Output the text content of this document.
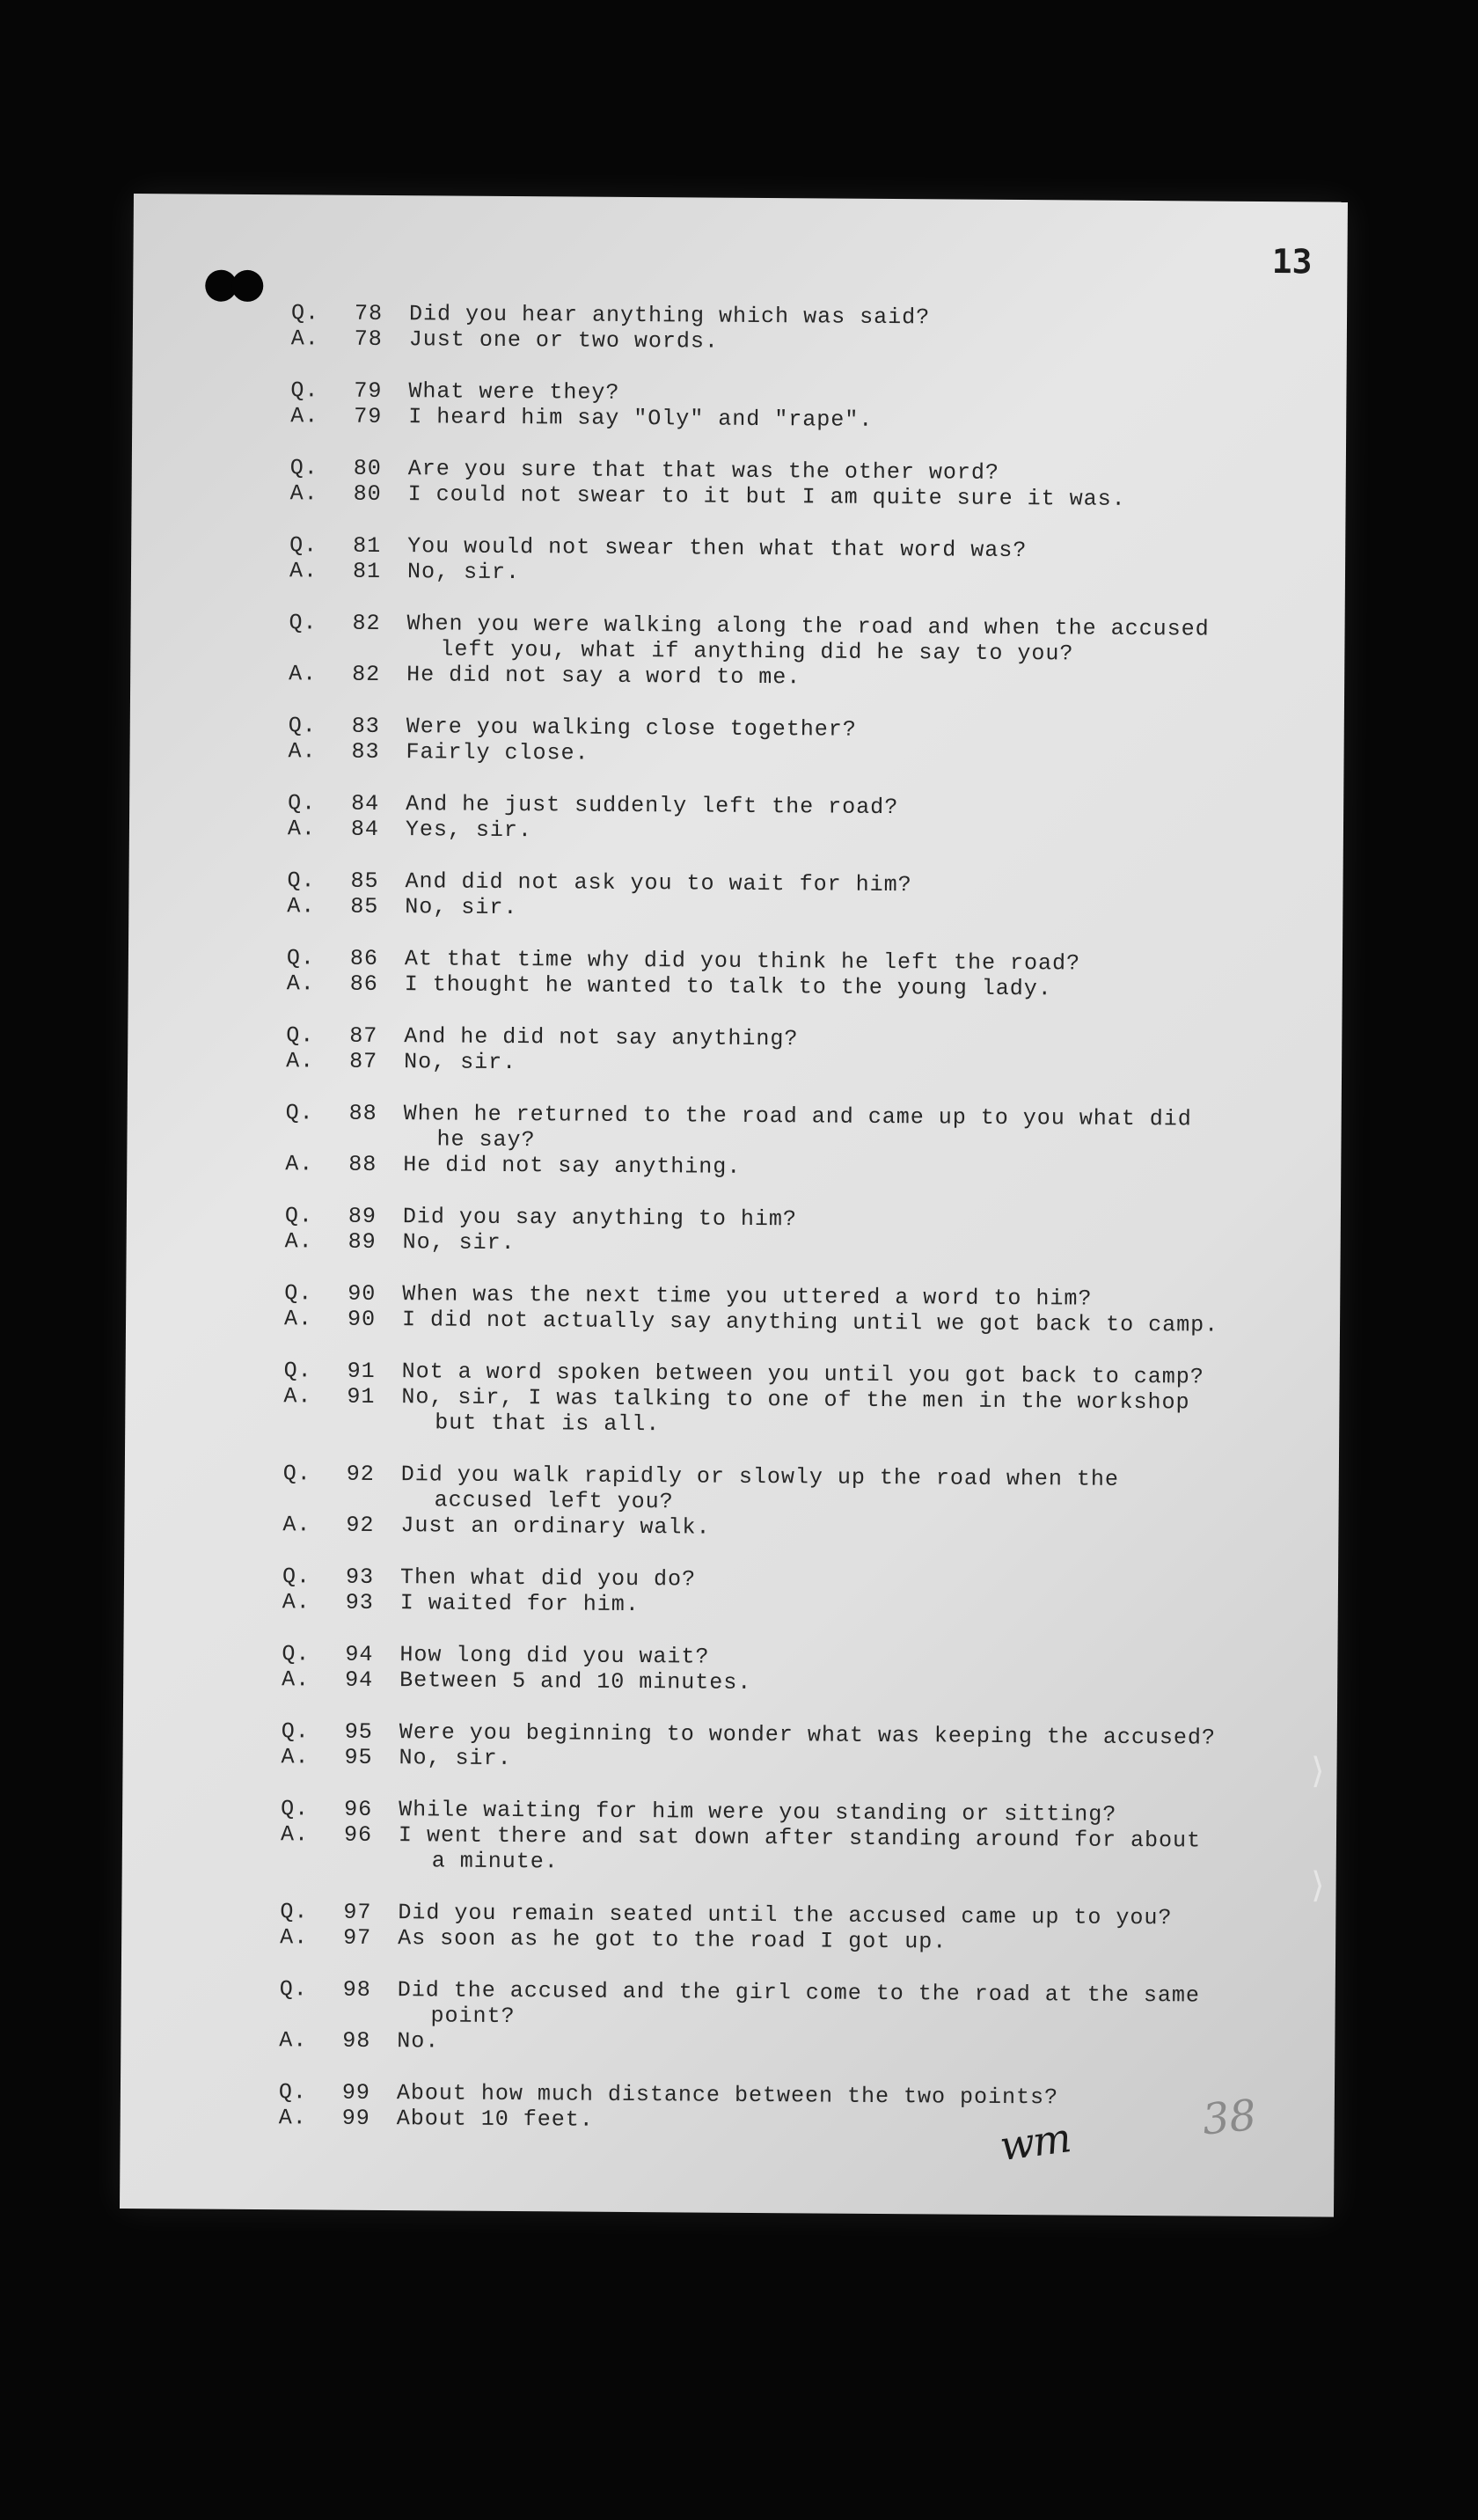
13
Q.	78	Did you hear anything which was said?
A.	78	Just one or two words.
Q.	79	What were they?
A.	79	I heard him say "Oly" and "rape".
Q.	80	Are you sure that that was the other word?
A.	80	I could not swear to it but I am quite sure it was.
Q.	81	You would not swear then what that word was?
A.	81	No, sir.
Q.	82	When you were walking along the road and when the accused
left you, what if anything did he say to you?
A.	82	He did not say a word to me.
Q.	83	Were you walking close together?
A.	83	Fairly close.
Q.	84	And he just suddenly left the road?
A.	84	Yes, sir.
Q.	85	And did not ask you to wait for him?
A.	85	No, sir.
Q.	86	At that time why did you think he left the road?
A.	86	I thought he wanted to talk to the young lady.
Q.	87	And he did not say anything?
A.	87	No, sir.
Q.	88	When he returned to the road and came up to you what did
he say?
A.	88	He did not say anything.
Q.	89	Did you say anything to him?
A.	89	No, sir.
Q.	90	When was the next time you uttered a word to him?
A.	90	I did not actually say anything until we got back to camp.
Q.	91	Not a word spoken between you until you got back to camp?
A.	91	No, sir, I was talking to one of the men in the workshop
but that is all.
Q.	92	Did you walk rapidly or slowly up the road when the
accused left you?
A.	92	Just an ordinary walk.
Q.	93	Then what did you do?
A.	93	I waited for him.
Q.	94	How long did you wait?
A.	94	Between 5 and 10 minutes.
Q.	95	Were you beginning to wonder what was keeping the accused?
A.	95	No, sir.
Q.	96	While waiting for him were you standing or sitting?
A.	96	I went there and sat down after standing around for about
a minute.
Q.	97	Did you remain seated until the accused came up to you?
A.	97	As soon as he got to the road I got up.
Q.	98	Did the accused and the girl come to the road at the same
point?
A.	98	No.
Q.	99	About how much distance between the two points?
A.	99	About 10 feet.	wm	38
⟩
⟩
